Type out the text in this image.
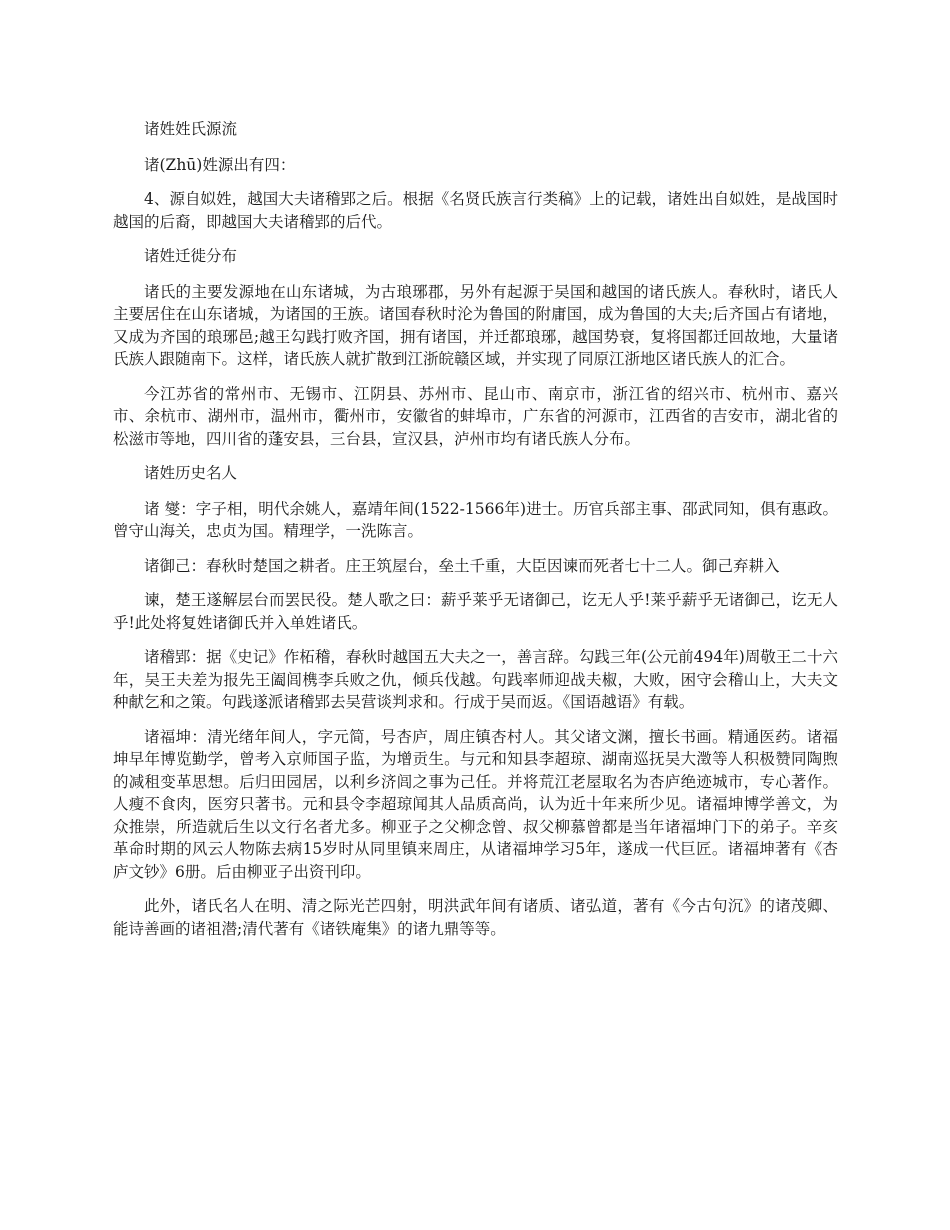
诸姓姓氏源流

诸(Zhū)姓源出有四：

4、源自姒姓，越国大夫诸稽郢之后。根据《名贤氏族言行类稿》上的记载，诸姓出自姒姓，是战国时越国的后裔，即越国大夫诸稽郢的后代。

诸姓迁徙分布

诸氏的主要发源地在山东诸城，为古琅琊郡，另外有起源于吴国和越国的诸氏族人。春秋时，诸氏人主要居住在山东诸城，为诸国的王族。诸国春秋时沦为鲁国的附庸国，成为鲁国的大夫;后齐国占有诸地，又成为齐国的琅琊邑;越王勾践打败齐国，拥有诸国，并迁都琅琊，越国势衰，复将国都迁回故地，大量诸氏族人跟随南下。这样，诸氏族人就扩散到江浙皖赣区域，并实现了同原江浙地区诸氏族人的汇合。

今江苏省的常州市、无锡市、江阴县、苏州市、昆山市、南京市，浙江省的绍兴市、杭州市、嘉兴市、余杭市、湖州市，温州市，衢州市，安徽省的蚌埠市，广东省的河源市，江西省的吉安市，湖北省的松滋市等地，四川省的蓬安县，三台县，宣汉县，泸州市均有诸氏族人分布。

诸姓历史名人

诸 燮：字子相，明代余姚人，嘉靖年间(1522-1566年)进士。历官兵部主事、邵武同知，俱有惠政。曾守山海关，忠贞为国。精理学，一洗陈言。

诸御己：春秋时楚国之耕者。庄王筑屋台，垒土千重，大臣因谏而死者七十二人。御己弃耕入

谏，楚王遂解层台而罢民役。楚人歌之曰：薪乎莱乎无诸御己，讫无人乎!莱乎薪乎无诸御己，讫无人乎!此处将复姓诸御氏并入单姓诸氏。

诸稽郢：据《史记》作柘稽，春秋时越国五大夫之一，善言辞。勾践三年(公元前494年)周敬王二十六年，吴王夫差为报先王阖闾槜李兵败之仇，倾兵伐越。句践率师迎战夫椒，大败，困守会稽山上，大夫文种献乞和之策。句践遂派诸稽郢去吴营谈判求和。行成于吴而返。《国语越语》有载。

诸福坤：清光绪年间人，字元简，号杏庐，周庄镇杏村人。其父诸文渊，擅长书画。精通医药。诸福坤早年博览勤学，曾考入京师国子监，为增贡生。与元和知县李超琼、湖南巡抚吴大澂等人积极赞同陶煦的减租变革思想。后归田园居，以利乡济闾之事为己任。并将荒江老屋取名为杏庐绝迹城市，专心著作。人瘦不食肉，医穷只著书。元和县令李超琼闻其人品质高尚，认为近十年来所少见。诸福坤博学善文，为众推崇，所造就后生以文行名者尤多。柳亚子之父柳念曾、叔父柳慕曾都是当年诸福坤门下的弟子。辛亥革命时期的风云人物陈去病15岁时从同里镇来周庄，从诸福坤学习5年，遂成一代巨匠。诸福坤著有《杏庐文钞》6册。后由柳亚子出资刊印。

此外，诸氏名人在明、清之际光芒四射，明洪武年间有诸质、诸弘道，著有《今古句沉》的诸茂卿、能诗善画的诸祖潜;清代著有《诸铁庵集》的诸九鼎等等。
